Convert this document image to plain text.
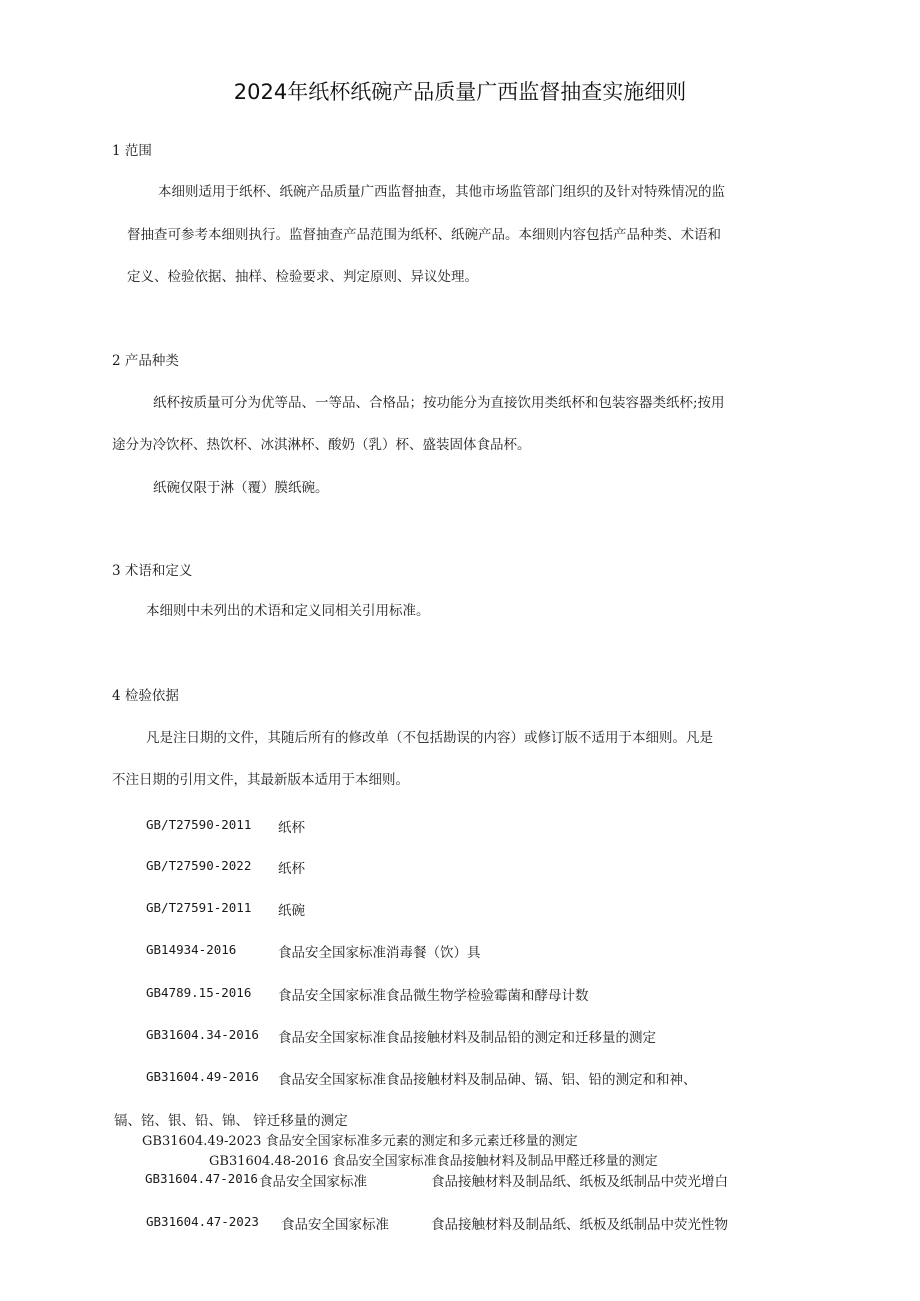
2024年纸杯纸碗产品质量广西监督抽查实施细则
1 范围
本细则适用于纸杯、纸碗产品质量广西监督抽查，其他市场监管部门组织的及针对特殊情况的监
督抽查可参考本细则执行。监督抽查产品范围为纸杯、纸碗产品。本细则内容包括产品种类、术语和
定义、检验依据、抽样、检验要求、判定原则、异议处理。
2 产品种类
纸杯按质量可分为优等品、一等品、合格品；按功能分为直接饮用类纸杯和包装容器类纸杯;按用
途分为冷饮杯、热饮杯、冰淇淋杯、酸奶（乳）杯、盛装固体食品杯。
纸碗仅限于淋（覆）膜纸碗。
3 术语和定义
本细则中未列出的术语和定义同相关引用标准。
4 检验依据
凡是注日期的文件，其随后所有的修改单（不包括勘误的内容）或修订版不适用于本细则。凡是
不注日期的引用文件，其最新版本适用于本细则。
GB/T27590-2011 纸杯
GB/T27590-2022 纸杯
GB/T27591-2011 纸碗
GB14934-2016	食品安全国家标准消毒餐（饮）具
GB4789.15-2016 食品安全国家标准食品微生物学检验霉菌和酵母计数
GB31604.34-2016 食品安全国家标准食品接触材料及制品铅的测定和迁移量的测定
GB31604.49-2016 食品安全国家标准食品接触材料及制品砷、镉、铝、铅的测定和和神、
镉、铭、银、铅、锦、 锌迁移量的测定
GB31604.49-2023 食品安全国家标准多元素的测定和多元素迁移量的测定
GB31604.48-2016 食品安全国家标准食品接触材料及制品甲醛迁移量的测定
GB31604.47-2016 食品安全国家标准	食品接触材料及制品纸、纸板及纸制品中荧光增白
GB31604.47-2023 食品安全国家标准	食品接触材料及制品纸、纸板及纸制品中荧光性物
